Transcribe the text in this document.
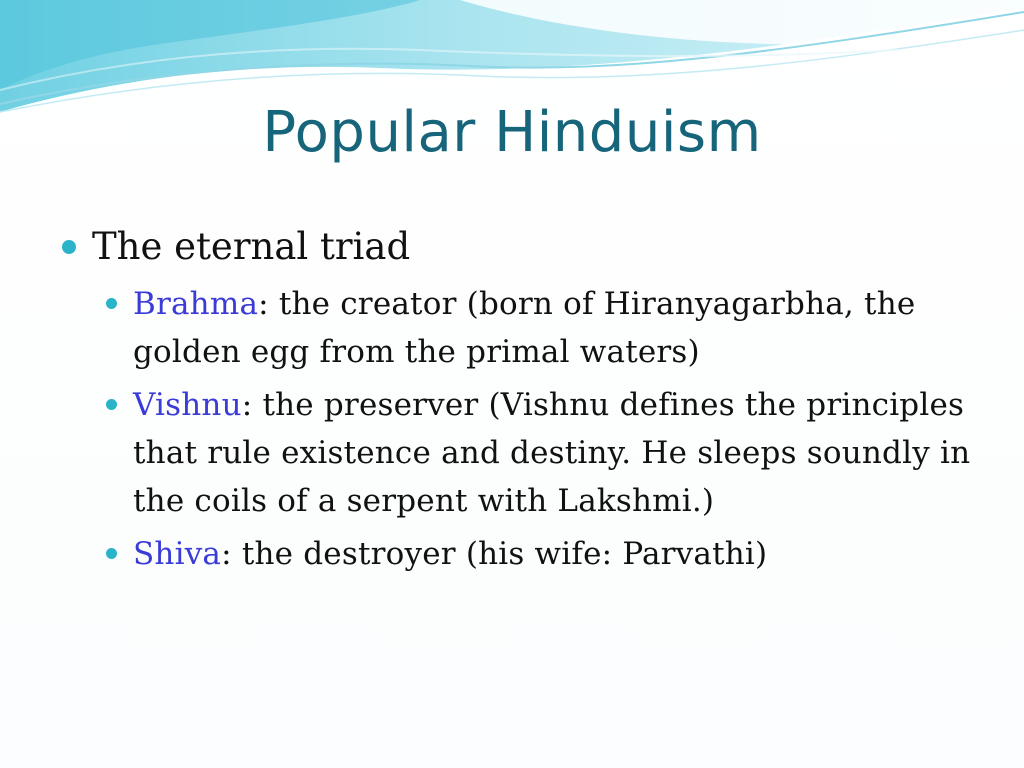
Popular Hinduism
The eternal triad
Brahma: the creator (born of Hiranyagarbha, the golden egg from the primal waters)
Vishnu: the preserver (Vishnu defines the principles that rule existence and destiny. He sleeps soundly in the coils of a serpent with Lakshmi.)
Shiva: the destroyer (his wife: Parvathi)
